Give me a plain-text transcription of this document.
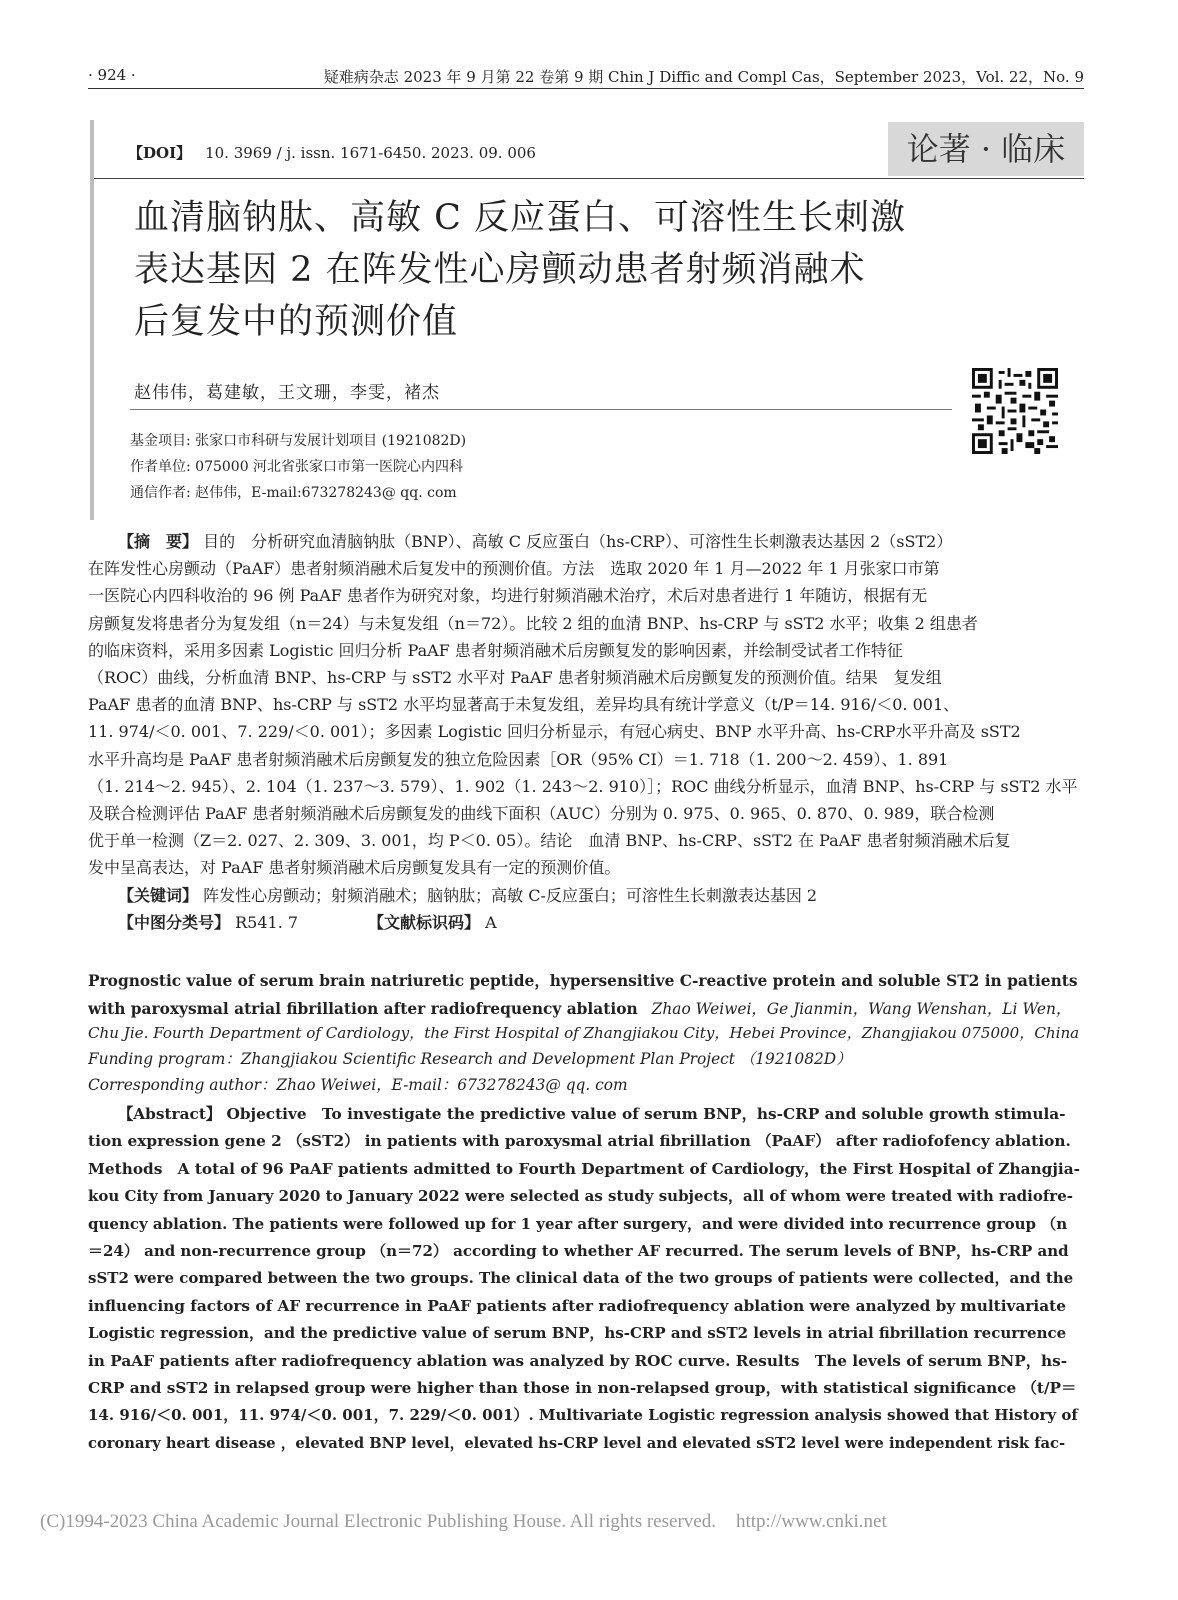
· 924 ·	疑难病杂志 2023 年 9 月第 22 卷第 9 期 Chin J Diffic and Compl Cas，September 2023，Vol. 22，No. 9
【DOI】 10. 3969 / j. issn. 1671-6450. 2023. 09. 006	论著 · 临床
血清脑钠肽、高敏 C 反应蛋白、可溶性生长刺激
表达基因 2 在阵发性心房颤动患者射频消融术
后复发中的预测价值
赵伟伟，葛建敏，王文珊，李雯，褚杰
基金项目: 张家口市科研与发展计划项目 (1921082D)
作者单位: 075000 河北省张家口市第一医院心内四科
通信作者: 赵伟伟，E-mail:673278243@ qq. com
【摘　要】 目的　分析研究血清脑钠肽（BNP）、高敏 C 反应蛋白（hs-CRP）、可溶性生长刺激表达基因 2（sST2）
在阵发性心房颤动（PaAF）患者射频消融术后复发中的预测价值。方法　选取 2020 年 1 月—2022 年 1 月张家口市第
一医院心内四科收治的 96 例 PaAF 患者作为研究对象，均进行射频消融术治疗，术后对患者进行 1 年随访，根据有无
房颤复发将患者分为复发组（n＝24）与未复发组（n＝72）。比较 2 组的血清 BNP、hs-CRP 与 sST2 水平；收集 2 组患者
的临床资料，采用多因素 Logistic 回归分析 PaAF 患者射频消融术后房颤复发的影响因素，并绘制受试者工作特征
（ROC）曲线，分析血清 BNP、hs-CRP 与 sST2 水平对 PaAF 患者射频消融术后房颤复发的预测价值。结果　复发组
PaAF 患者的血清 BNP、hs-CRP 与 sST2 水平均显著高于未复发组，差异均具有统计学意义（t/P＝14. 916/＜0. 001、
11. 974/＜0. 001、7. 229/＜0. 001）；多因素 Logistic 回归分析显示，有冠心病史、BNP 水平升高、hs-CRP水平升高及 sST2
水平升高均是 PaAF 患者射频消融术后房颤复发的独立危险因素［OR（95% CI）＝1. 718（1. 200～2. 459）、1. 891
（1. 214～2. 945）、2. 104（1. 237～3. 579）、1. 902（1. 243～2. 910）］；ROC 曲线分析显示，血清 BNP、hs-CRP 与 sST2 水平
及联合检测评估 PaAF 患者射频消融术后房颤复发的曲线下面积（AUC）分别为 0. 975、0. 965、0. 870、0. 989，联合检测
优于单一检测（Z＝2. 027、2. 309、3. 001，均 P＜0. 05）。结论　血清 BNP、hs-CRP、sST2 在 PaAF 患者射频消融术后复
发中呈高表达，对 PaAF 患者射频消融术后房颤复发具有一定的预测价值。
【关键词】 阵发性心房颤动；射频消融术；脑钠肽；高敏 C-反应蛋白；可溶性生长刺激表达基因 2
【中图分类号】 R541. 7	【文献标识码】 A
Prognostic value of serum brain natriuretic peptide，hypersensitive C-reactive protein and soluble ST2 in patients
with paroxysmal atrial fibrillation after radiofrequency ablation Zhao Weiwei，Ge Jianmin，Wang Wenshan，Li Wen，
Chu Jie. Fourth Department of Cardiology，the First Hospital of Zhangjiakou City，Hebei Province，Zhangjiakou 075000，China
Funding program：Zhangjiakou Scientific Research and Development Plan Project （1921082D）
Corresponding author：Zhao Weiwei，E-mail：673278243@ qq. com
【Abstract】 Objective　To investigate the predictive value of serum BNP，hs-CRP and soluble growth stimula-
tion expression gene 2 （sST2） in patients with paroxysmal atrial fibrillation （PaAF） after radiofofency ablation.
Methods　A total of 96 PaAF patients admitted to Fourth Department of Cardiology，the First Hospital of Zhangjia-
kou City from January 2020 to January 2022 were selected as study subjects，all of whom were treated with radiofre-
quency ablation. The patients were followed up for 1 year after surgery，and were divided into recurrence group （n
＝24） and non-recurrence group （n＝72） according to whether AF recurred. The serum levels of BNP，hs-CRP and
sST2 were compared between the two groups. The clinical data of the two groups of patients were collected，and the
influencing factors of AF recurrence in PaAF patients after radiofrequency ablation were analyzed by multivariate
Logistic regression，and the predictive value of serum BNP，hs-CRP and sST2 levels in atrial fibrillation recurrence
in PaAF patients after radiofrequency ablation was analyzed by ROC curve. Results　The levels of serum BNP，hs-
CRP and sST2 in relapsed group were higher than those in non-relapsed group，with statistical significance （t/P＝
14. 916/＜0. 001，11. 974/＜0. 001，7. 229/＜0. 001）. Multivariate Logistic regression analysis showed that History of
coronary heart disease ，elevated BNP level，elevated hs-CRP level and elevated sST2 level were independent risk fac-
(C)1994-2023 China Academic Journal Electronic Publishing House. All rights reserved. http://www.cnki.net
